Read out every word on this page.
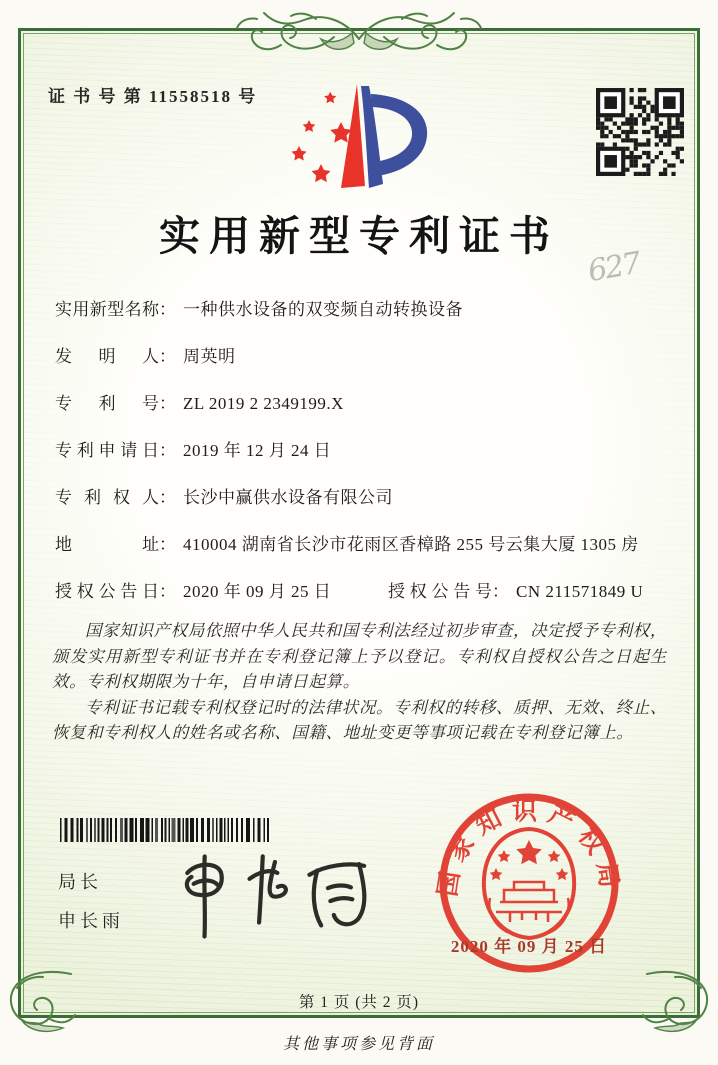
证 书 号 第 11558518 号
实用新型专利证书
627
实用新型名称： 一种供水设备的双变频自动转换设备
发明人： 周英明
专利号： ZL 2019 2 2349199.X
专利申请日： 2019 年 12 月 24 日
专利权人： 长沙中赢供水设备有限公司
地址： 410004 湖南省长沙市花雨区香樟路 255 号云集大厦 1305 房
授权公告日： 2020 年 09 月 25 日	授权公告号： CN 211571849 U

国家知识产权局依照中华人民共和国专利法经过初步审查，决定授予专利权，颁发实用新型专利证书并在专利登记簿上予以登记。专利权自授权公告之日起生效。专利权期限为十年，自申请日起算。

专利证书记载专利权登记时的法律状况。专利权的转移、质押、无效、终止、恢复和专利权人的姓名或名称、国籍、地址变更等事项记载在专利登记簿上。

局长
申长雨
国家知识产权局
2020 年 09 月 25 日
第 1 页 (共 2 页)
其他事项参见背面
